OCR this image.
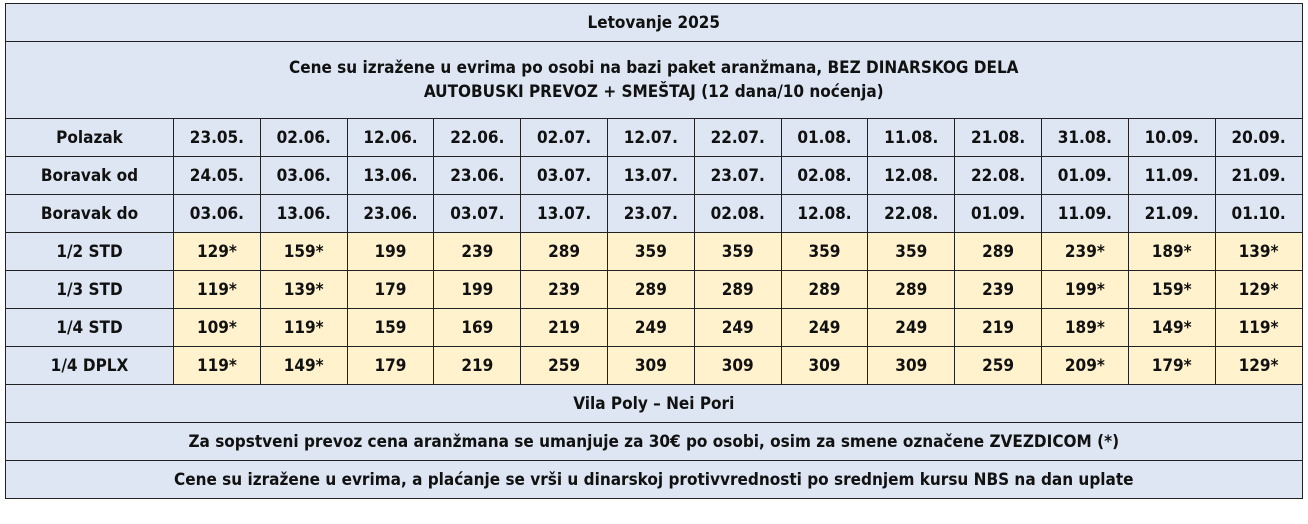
Letovanje 2025													

Cene su izražene u evrima po osobi na bazi paket aranžmana, BEZ DINARSKOG DELA
AUTOBUSKI PREVOZ + SMEŠTAJ (12 dana/10 noćenja)													

Polazak	23.05.	02.06.	12.06.	22.06.	02.07.	12.07.	22.07.	01.08.	11.08.	21.08.	31.08.	10.09.	20.09.
Boravak od	24.05.	03.06.	13.06.	23.06.	03.07.	13.07.	23.07.	02.08.	12.08.	22.08.	01.09.	11.09.	21.09.
Boravak do	03.06.	13.06.	23.06.	03.07.	13.07.	23.07.	02.08.	12.08.	22.08.	01.09.	11.09.	21.09.	01.10.
1/2 STD	129*	159*	199	239	289	359	359	359	359	289	239*	189*	139*
1/3 STD	119*	139*	179	199	239	289	289	289	289	239	199*	159*	129*
1/4 STD	109*	119*	159	169	219	249	249	249	249	219	189*	149*	119*
1/4 DPLX	119*	149*	179	219	259	309	309	309	309	259	209*	179*	129*
Vila Poly – Nei Pori													
Za sopstveni prevoz cena aranžmana se umanjuje za 30€ po osobi, osim za smene označene ZVEZDICOM (*)													
Cene su izražene u evrima, a plaćanje se vrši u dinarskoj protivvrednosti po srednjem kursu NBS na dan uplate													
